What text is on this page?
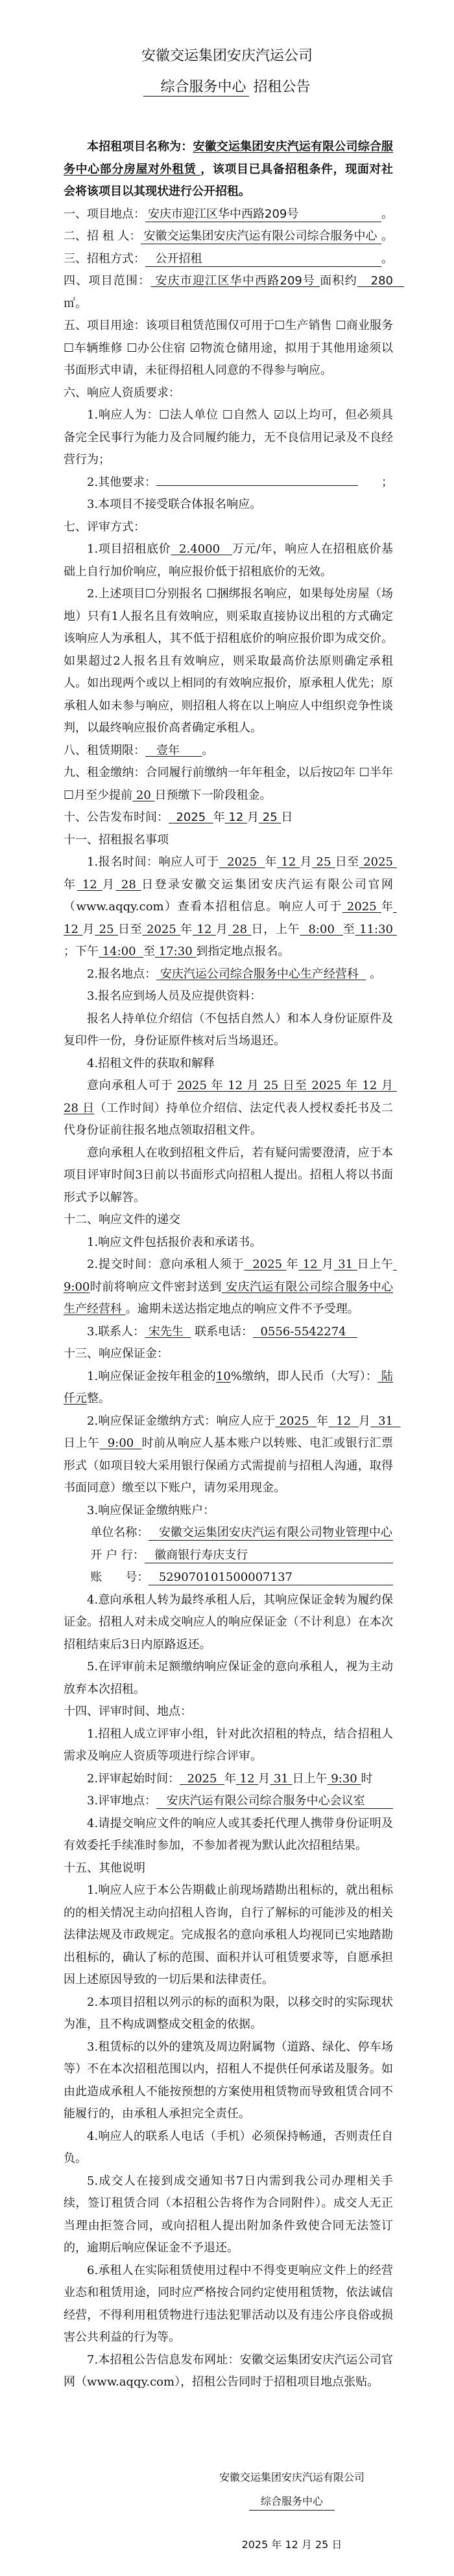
安徽交运集团安庆汽运公司
综合服务中心 招租公告

本招租项目名称为：安徽交运集团安庆汽运有限公司综合服务中心部分房屋对外租赁 ，该项目已具备招租条件，现面对社会将该项目以其现状进行公开招租。

一、项目地点： 安庆市迎江区华中西路209号	。

二、招 租 人： 安徽交运集团安庆汽运有限公司综合服务中心 。

三、招租方式： 公开招租	。

四、项目范围： 安庆市迎江区华中西路209号 面积约   280   ㎡。

五、项目用途：该项目租赁范围仅可用于☐生产销售 ☐商业服务 ☐车辆维修 ☐办公住宿 ☑物流仓储用途，拟用于其他用途须以书面形式申请，未征得招租人同意的不得参与响应。

六、响应人资质要求：

1.响应人为：☐法人单位 ☐自然人 ☑以上均可，但必须具备完全民事行为能力及合同履约能力，无不良信用记录及不良经营行为；

2.其他要求：	；

3.本项目不接受联合体报名响应。

七、评审方式：

1.项目招租底价  2.4000   万元/年，响应人在招租底价基础上自行加价响应，响应报价低于招租底价的无效。

2.上述项目☐分别报名 ☐捆绑报名响应，如果每处房屋（场地）只有1人报名且有效响应，则采取直接协议出租的方式确定该响应人为承租人，其不低于招租底价的响应报价即为成交价。如果超过2人报名且有效响应，则采取最高价法原则确定承租人。如出现两个或以上相同的有效响应报价，原承租人优先；原承租人如未参与响应，则招租人将在以上响应人中组织竞争性谈判，以最终响应报价高者确定承租人。

八、租赁期限：   壹年      。

九、租金缴纳：合同履行前缴纳一年年租金，以后按☑年 ☐半年 ☐月至少提前 20 日预缴下一阶段租金。

十、公告发布时间：  2025  年 12 月 25 日

十一、招租报名事项

1.报名时间：响应人可于  2025  年 12 月 25 日至 2025 年 12 月 28 日登录安徽交运集团安庆汽运有限公司官网（www.aqqy.com）查看本招租信息。响应人可于 2025 年 12 月 25 日至 2025 年 12 月 28 日，上午  8:00  至 11:30 ；下午 14:00  至 17:30 到指定地点报名。

2.报名地点： 安庆汽运公司综合服务中心生产经营科   。

3.报名应到场人员及应提供资料：

报名人持单位介绍信（不包括自然人）和本人身份证原件及复印件一份，身份证原件核对后当场退还。

4.招租文件的获取和解释

意向承租人可于 2025 年 12 月 25 日至 2025 年 12 月 28 日（工作时间）持单位介绍信、法定代表人授权委托书及二代身份证前往报名地点领取招租文件。

意向承租人在收到招租文件后，若有疑问需要澄清，应于本项目评审时间3日前以书面形式向招租人提出。招租人将以书面形式予以解答。

十二、响应文件的递交

1.响应文件包括报价表和承诺书。

2.提交时间：意向承租人须于  2025 年 12 月 31 日上午 9:00时前将响应文件密封送到 安庆汽运有限公司综合服务中心生产经营科 。逾期未送达指定地点的响应文件不予受理。

3.联系人： 宋先生   联系电话：  0556-5542274

十三、响应保证金：

1.响应保证金按年租金的10%缴纳，即人民币（大写）： 陆仟元整。

2.响应保证金缴纳方式：响应人应于 2025  年  12  月  31  日上午  9:00  时前从响应人基本账户以转账、电汇或银行汇票形式（如项目较大采用银行保函方式需提前与招租人沟通，取得书面同意）缴至以下账户，请勿采用现金。

3.响应保证金缴纳账户：

单位名称： 安徽交运集团安庆汽运有限公司物业管理中心

开 户 行： 徽商银行寿庆支行

账　　号： 529070101500007137

4.意向承租人转为最终承租人后，其响应保证金转为履约保证金。招租人对未成交响应人的响应保证金（不计利息）在本次招租结束后3日内原路返还。

5.在评审前未足额缴纳响应保证金的意向承租人，视为主动放弃本次招租。

十四、评审时间、地点：

1.招租人成立评审小组，针对此次招租的特点，结合招租人需求及响应人资质等项进行综合评审。

2.评审起始时间：  2025  年 12 月 31 日上午 9:30 时

3.评审地点： 安庆汽运有限公司综合服务中心会议室

4.请提交响应文件的响应人或其委托代理人携带身份证明及有效委托手续准时参加，不参加者视为默认此次招租结果。

十五、其他说明

1.响应人应于本公告期截止前现场踏勘出租标的，就出租标的的相关情况主动向招租人咨询，自行了解标的可能涉及的相关法律法规及市政规定。完成报名的意向承租人均视同已实地踏勘出租标的，确认了标的范围、面积并认可租赁要求等，自愿承担因上述原因导致的一切后果和法律责任。

2.本项目招租以列示的标的面积为限，以移交时的实际现状为准，且不构成调整成交租金的依据。

3.租赁标的以外的建筑及周边附属物（道路、绿化、停车场等）不在本次招租范围以内，招租人不提供任何承诺及服务。如由此造成承租人不能按预想的方案使用租赁物而导致租赁合同不能履行的，由承租人承担完全责任。

4.响应人的联系人电话（手机）必须保持畅通，否则责任自负。

5.成交人在接到成交通知书7日内需到我公司办理相关手续，签订租赁合同（本招租公告将作为合同附件）。成交人无正当理由拒签合同，或向招租人提出附加条件致使合同无法签订的，逾期后响应保证金不予退还。

6.承租人在实际租赁使用过程中不得变更响应文件上的经营业态和租赁用途，同时应严格按合同约定使用租赁物，依法诚信经营，不得利用租赁物进行违法犯罪活动以及有违公序良俗或损害公共利益的行为等。

7.本招租公告信息发布网址：安徽交运集团安庆汽运公司官网（www.aqqy.com），招租公告同时于招租项目地点张贴。

安徽交运集团安庆汽运有限公司
综合服务中心
2025 年 12 月 25 日
